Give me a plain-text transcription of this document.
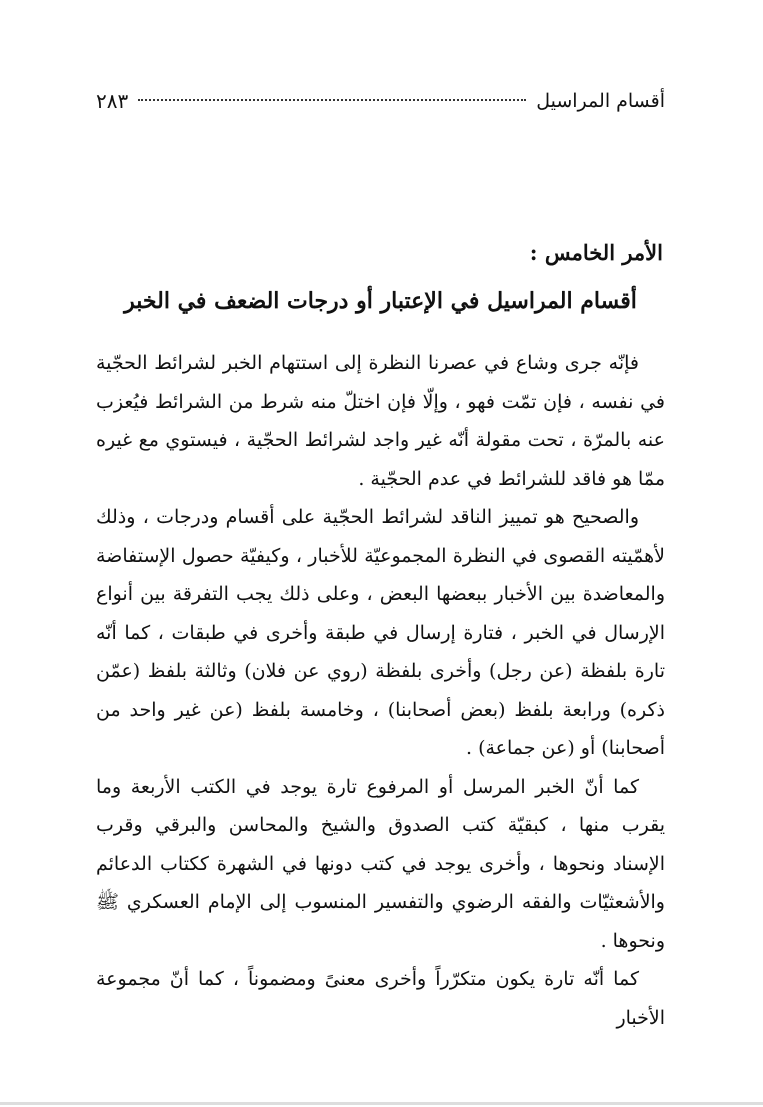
أقسام المراسيل
٢٨٣
الأمر الخامس :
أقسام المراسيل في الإعتبار أو درجات الضعف في الخبر

فإنّه جرى وشاع في عصرنا النظرة إلى استتهام الخبر لشرائط الحجّية في نفسه ، فإن تمّت فهو ، وإلّا فإن اختلّ منه شرط من الشرائط فيُعزب عنه بالمرّة ، تحت مقولة أنّه غير واجد لشرائط الحجّية ، فيستوي مع غيره ممّا هو فاقد للشرائط في عدم الحجّية .

والصحيح هو تمييز الناقد لشرائط الحجّية على أقسام ودرجات ، وذلك لأهمّيته القصوى في النظرة المجموعيّة للأخبار ، وكيفيّة حصول الإستفاضة والمعاضدة بين الأخبار ببعضها البعض ، وعلى ذلك يجب التفرقة بين أنواع الإرسال في الخبر ، فتارة إرسال في طبقة وأخرى في طبقات ، كما أنّه تارة بلفظة (عن رجل) وأخرى بلفظة (روي عن فلان) وثالثة بلفظ (عمّن ذكره) ورابعة بلفظ (بعض أصحابنا) ، وخامسة بلفظ (عن غير واحد من أصحابنا) أو (عن جماعة) .

كما أنّ الخبر المرسل أو المرفوع تارة يوجد في الكتب الأربعة وما يقرب منها ، كبقيّة كتب الصدوق والشيخ والمحاسن والبرقي وقرب الإسناد ونحوها ، وأخرى يوجد في كتب دونها في الشهرة ككتاب الدعائم والأشعثيّات والفقه الرضوي والتفسير المنسوب إلى الإمام العسكري ﷺ ونحوها .

كما أنّه تارة يكون متكرّراً وأخرى معنىً ومضموناً ، كما أنّ مجموعة الأخبار
